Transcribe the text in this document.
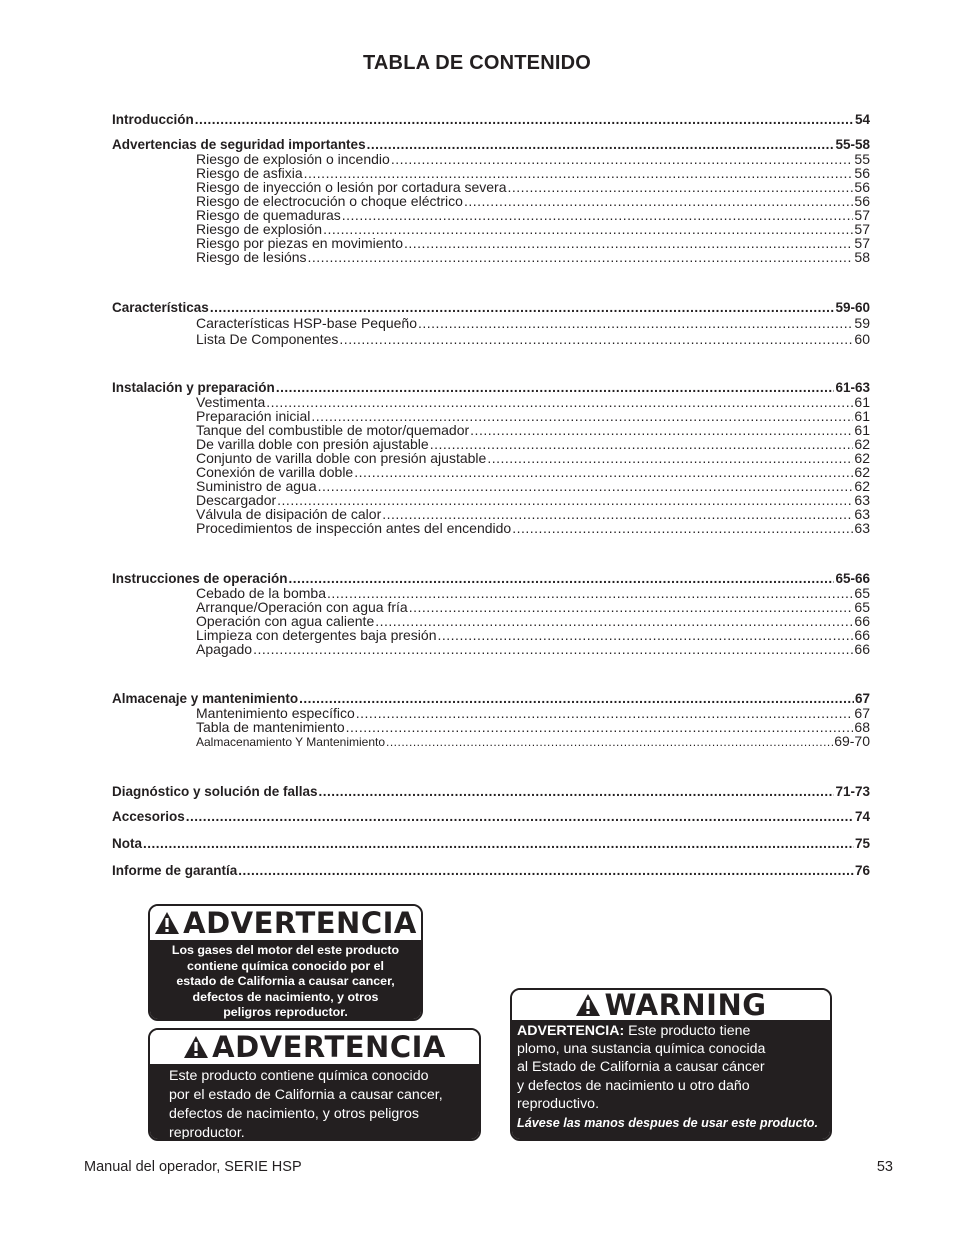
TABLA DE CONTENIDO
Introducción .....	54
Advertencias de seguridad importantes .....	55-58
Riesgo de explosión o incendio .....	55
Riesgo de asfixia .....	56
Riesgo de inyección o lesión por cortadura severa .....	56
Riesgo de electrocución o choque eléctrico .....	56
Riesgo de quemaduras .....	57
Riesgo de explosión .....	57
Riesgo por piezas en movimiento .....	57
Riesgo de lesións .....	58
Características .....	59-60
Características HSP-base Pequeño .....	59
Lista De Componentes .....	60
Instalación y preparación .....	61-63
Vestimenta .....	61
Preparación inicial .....	61
Tanque del combustible de motor/quemador .....	61
De varilla doble con presión ajustable .....	62
Conjunto de varilla doble con presión ajustable .....	62
Conexión de varilla doble .....	62
Suministro de agua .....	62
Descargador .....	63
Válvula de disipación de calor .....	63
Procedimientos de inspección antes del encendido .....	63
Instrucciones de operación .....	65-66
Cebado de la bomba .....	65
Arranque/Operación con agua fría .....	65
Operación con agua caliente .....	66
Limpieza con detergentes baja presión .....	66
Apagado .....	66
Almacenaje y mantenimiento .....	67
Mantenimiento específico .....	67
Tabla de mantenimiento .....	68
Aalmacenamiento Y Mantenimiento .....	69-70
Diagnóstico y solución de fallas .....	71-73
Accesorios .....	74
Nota .....	75
Informe de garantía .....	76
ADVERTENCIA
Los gases del motor del este producto
contiene química conocido por el
estado de California a causar cancer,
defectos de nacimiento, y otros
peligros reproductor.
ADVERTENCIA
Este producto contiene química conocido
por el estado de California a causar cancer,
defectos de nacimiento, y otros peligros
reproductor.
WARNING
ADVERTENCIA: Este producto tiene
plomo, una sustancia química conocida
al Estado de California a causar cáncer
y defectos de nacimiento u otro daño
reproductivo.
Lávese las manos despues de usar este producto.
Manual del operador, SERIE HSP	53
